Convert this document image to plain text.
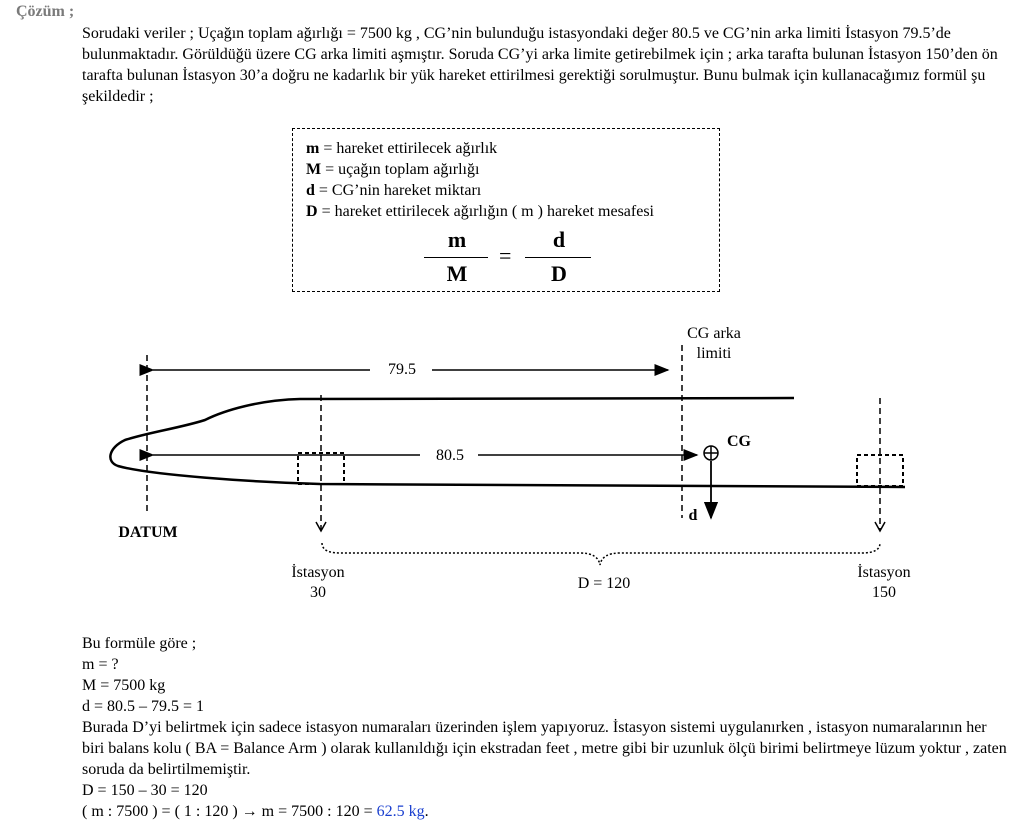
Çözüm ;

Sorudaki veriler ; Uçağın toplam ağırlığı = 7500 kg , CG’nin bulunduğu istasyondaki değer 80.5 ve CG’nin arka limiti İstasyon 79.5’de bulunmaktadır. Görüldüğü üzere CG arka limiti aşmıştır. Soruda CG’yi arka limite getirebilmek için ; arka tarafta bulunan İstasyon 150’den ön tarafta bulunan İstasyon 30’a doğru ne kadarlık bir yük hareket ettirilmesi gerektiği sorulmuştur. Bunu bulmak için kullanacağımız formül şu şekildedir ;

m = hareket ettirilecek ağırlık
M = uçağın toplam ağırlığı
d = CG’nin hareket miktarı
D = hareket ettirilecek ağırlığın ( m ) hareket mesafesi
m
M
=
d
D
CG arka
limiti
79.5
80.5
CG
DATUM
d
İstasyon
30
İstasyon
150
D = 120
Bu formüle göre ;
m = ?
M = 7500 kg
d = 80.5 – 79.5 = 1

Burada D’yi belirtmek için sadece istasyon numaraları üzerinden işlem yapıyoruz. İstasyon sistemi uygulanırken , istasyon numaralarının her biri balans kolu ( BA = Balance Arm ) olarak kullanıldığı için ekstradan feet , metre gibi bir uzunluk ölçü birimi belirtmeye lüzum yoktur , zaten soruda da belirtilmemiştir.

D = 150 – 30 = 120
( m : 7500 ) = ( 1 : 120 ) → m = 7500 : 120 = 62.5 kg.
